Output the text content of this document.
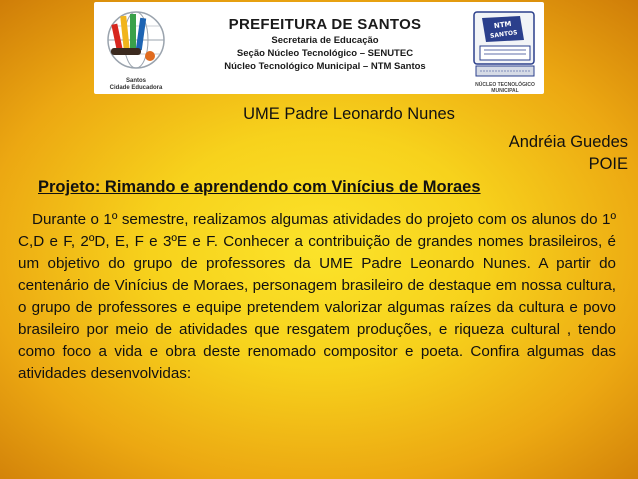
Santos
Cidade Educadora
PREFEITURA DE SANTOS
Secretaria de Educação
Seção Núcleo Tecnológico – SENUTEC
Núcleo Tecnológico Municipal – NTM Santos
NTM
SANTOS
NÚCLEO TECNOLÓGICO MUNICIPAL
UME Padre Leonardo Nunes
Andréia Guedes
POIE
Projeto: Rimando e aprendendo com Vinícius de Moraes
Durante o 1º semestre, realizamos algumas atividades do projeto com os alunos do 1º C,D e F, 2ºD, E, F e 3ºE e F. Conhecer a contribuição de grandes nomes brasileiros, é um objetivo do grupo de professores da UME Padre Leonardo Nunes. A partir do centenário de Vinícius de Moraes, personagem brasileiro de destaque em nossa cultura, o grupo de professores e equipe pretendem valorizar algumas raízes da cultura e povo brasileiro por meio de atividades que resgatem produções, e riqueza cultural , tendo como foco a vida e obra deste renomado compositor e poeta. Confira algumas das atividades desenvolvidas:
